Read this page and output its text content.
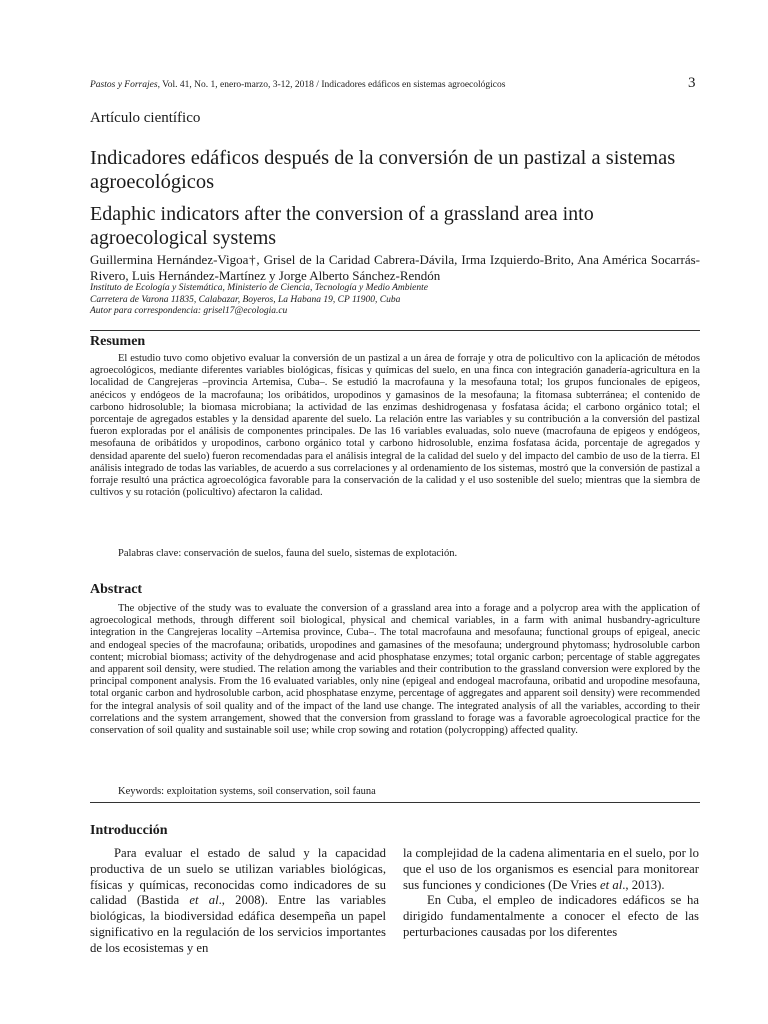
Pastos y Forrajes, Vol. 41, No. 1, enero-marzo, 3-12, 2018 / Indicadores edáficos en sistemas agroecológicos	3
Artículo científico
Indicadores edáficos después de la conversión de un pastizal a sistemas agroecológicos
Edaphic indicators after the conversion of a grassland area into agroecological systems
Guillermina Hernández-Vigoa†, Grisel de la Caridad Cabrera-Dávila, Irma Izquierdo-Brito, Ana América Socarrás-Rivero, Luis Hernández-Martínez y Jorge Alberto Sánchez-Rendón
Instituto de Ecología y Sistemática, Ministerio de Ciencia, Tecnología y Medio Ambiente
Carretera de Varona 11835, Calabazar, Boyeros, La Habana 19, CP 11900, Cuba
Autor para correspondencia: grisel17@ecologia.cu
Resumen

El estudio tuvo como objetivo evaluar la conversión de un pastizal a un área de forraje y otra de policultivo con la aplicación de métodos agroecológicos, mediante diferentes variables biológicas, físicas y químicas del suelo, en una finca con integración ganadería-agricultura en la localidad de Cangrejeras –provincia Artemisa, Cuba–. Se estudió la macrofauna y la mesofauna total; los grupos funcionales de epigeos, anécicos y endógeos de la macrofauna; los oribátidos, uropodinos y gamasinos de la mesofauna; la fitomasa subterránea; el contenido de carbono hidrosoluble; la biomasa microbiana; la actividad de las enzimas deshidrogenasa y fosfatasa ácida; el carbono orgánico total; el porcentaje de agregados estables y la densidad aparente del suelo. La relación entre las variables y su contribución a la conversión del pastizal fueron exploradas por el análisis de componentes principales. De las 16 variables evaluadas, solo nueve (macrofauna de epigeos y endógeos, mesofauna de oribátidos y uropodinos, carbono orgánico total y carbono hidrosoluble, enzima fosfatasa ácida, porcentaje de agregados y densidad aparente del suelo) fueron recomendadas para el análisis integral de la calidad del suelo y del impacto del cambio de uso de la tierra. El análisis integrado de todas las variables, de acuerdo a sus correlaciones y al ordenamiento de los sistemas, mostró que la conversión de pastizal a forraje resultó una práctica agroecológica favorable para la conservación de la calidad y el uso sostenible del suelo; mientras que la siembra de cultivos y su rotación (policultivo) afectaron la calidad.

Palabras clave: conservación de suelos, fauna del suelo, sistemas de explotación.
Abstract

The objective of the study was to evaluate the conversion of a grassland area into a forage and a polycrop area with the application of agroecological methods, through different soil biological, physical and chemical variables, in a farm with animal husbandry-agriculture integration in the Cangrejeras locality –Artemisa province, Cuba–. The total macrofauna and mesofauna; functional groups of epigeal, anecic and endogeal species of the macrofauna; oribatids, uropodines and gamasines of the mesofauna; underground phytomass; hydrosoluble carbon content; microbial biomass; activity of the dehydrogenase and acid phosphatase enzymes; total organic carbon; percentage of stable aggregates and apparent soil density, were studied. The relation among the variables and their contribution to the grassland conversion were explored by the principal component analysis. From the 16 evaluated variables, only nine (epigeal and endogeal macrofauna, oribatid and uropodine mesofauna, total organic carbon and hydrosoluble carbon, acid phosphatase enzyme, percentage of aggregates and apparent soil density) were recommended for the integral analysis of soil quality and of the impact of the land use change. The integrated analysis of all the variables, according to their correlations and the system arrangement, showed that the conversion from grassland to forage was a favorable agroecological practice for the conservation of soil quality and sustainable soil use; while crop sowing and rotation (polycropping) affected quality.

Keywords: exploitation systems, soil conservation, soil fauna
Introducción

Para evaluar el estado de salud y la capacidad productiva de un suelo se utilizan variables biológicas, físicas y químicas, reconocidas como indicadores de su calidad (Bastida et al., 2008). Entre las variables biológicas, la biodiversidad edáfica desempeña un papel significativo en la regulación de los servicios importantes de los ecosistemas y en

la complejidad de la cadena alimentaria en el suelo, por lo que el uso de los organismos es esencial para monitorear sus funciones y condiciones (De Vries et al., 2013).

En Cuba, el empleo de indicadores edáficos se ha dirigido fundamentalmente a conocer el efecto de las perturbaciones causadas por los diferentes
